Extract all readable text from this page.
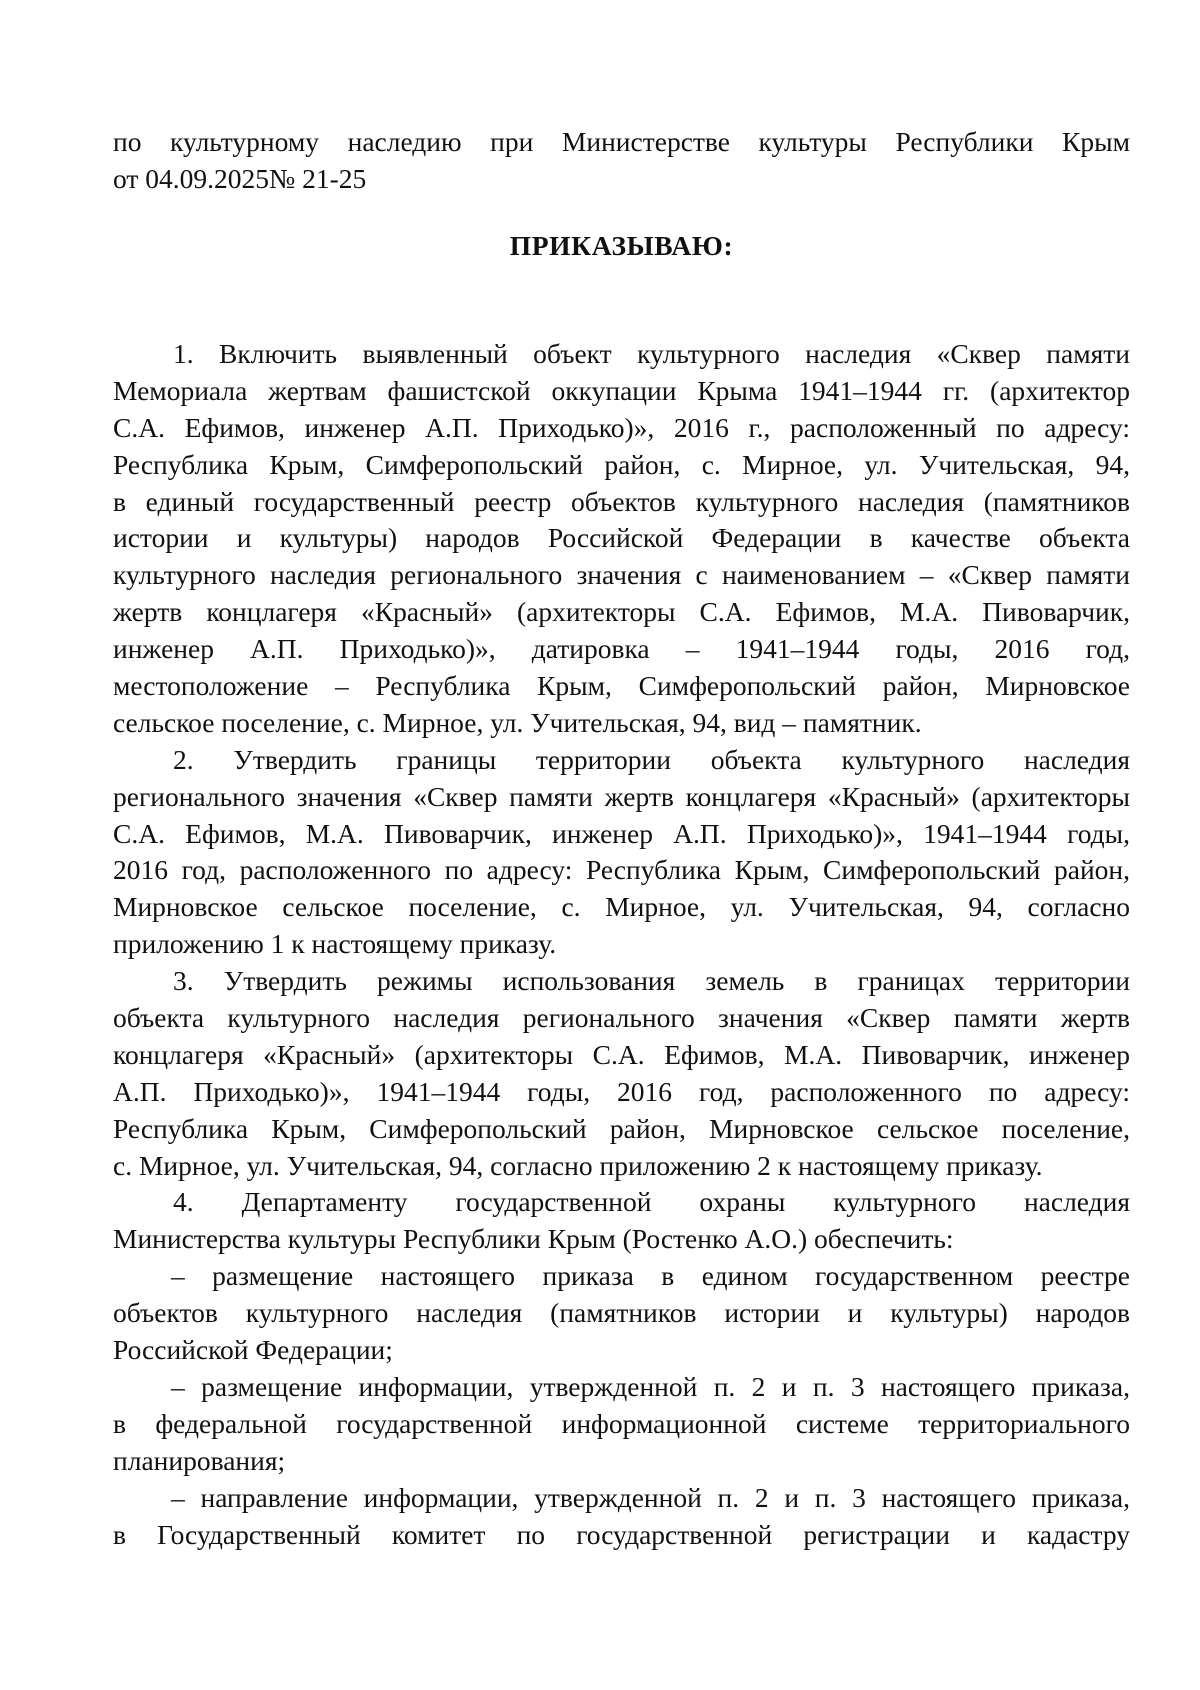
по культурному наследию при Министерстве культуры Республики Крым

от 04.09.2025№ 21-25

ПРИКАЗЫВАЮ:

1. Включить выявленный объект культурного наследия «Сквер памяти
Мемориала жертвам фашистской оккупации Крыма 1941–1944 гг. (архитектор
С.А. Ефимов, инженер А.П. Приходько)», 2016 г., расположенный по адресу:
Республика Крым, Симферопольский район, с. Мирное, ул. Учительская, 94,
в единый государственный реестр объектов культурного наследия (памятников
истории и культуры) народов Российской Федерации в качестве объекта
культурного наследия регионального значения с наименованием – «Сквер памяти
жертв концлагеря «Красный» (архитекторы С.А. Ефимов, М.А. Пивоварчик,
инженер А.П. Приходько)», датировка – 1941–1944 годы, 2016 год,
местоположение – Республика Крым, Симферопольский район, Мирновское
сельское поселение, с. Мирное, ул. Учительская, 94, вид – памятник.
2. Утвердить границы территории объекта культурного наследия
регионального значения «Сквер памяти жертв концлагеря «Красный» (архитекторы
С.А. Ефимов, М.А. Пивоварчик, инженер А.П. Приходько)», 1941–1944 годы,
2016 год, расположенного по адресу: Республика Крым, Симферопольский район,
Мирновское сельское поселение, с. Мирное, ул. Учительская, 94, согласно
приложению 1 к настоящему приказу.
3. Утвердить режимы использования земель в границах территории
объекта культурного наследия регионального значения «Сквер памяти жертв
концлагеря «Красный» (архитекторы С.А. Ефимов, М.А. Пивоварчик, инженер
А.П. Приходько)», 1941–1944 годы, 2016 год, расположенного по адресу:
Республика Крым, Симферопольский район, Мирновское сельское поселение,
с. Мирное, ул. Учительская, 94, согласно приложению 2 к настоящему приказу.
4. Департаменту государственной охраны культурного наследия
Министерства культуры Республики Крым (Ростенко А.О.) обеспечить:
– размещение настоящего приказа в едином государственном реестре
объектов культурного наследия (памятников истории и культуры) народов
Российской Федерации;
– размещение информации, утвержденной п. 2 и п. 3 настоящего приказа,
в федеральной государственной информационной системе территориального
планирования;
– направление информации, утвержденной п. 2 и п. 3 настоящего приказа,
в Государственный комитет по государственной регистрации и кадастру
